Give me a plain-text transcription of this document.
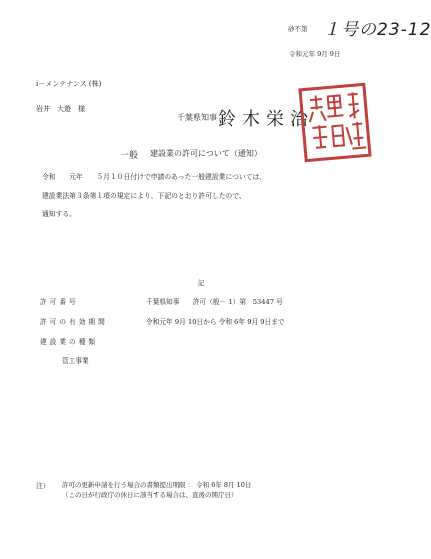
砂不第 １号の23-12
令和元年 9月 9日
i－メンテナンス (株)
岩井　大遊　様
千葉県知事 鈴木栄治
一般 建設業の許可について（通知）
令和　　元年　　５月１０日付けで申請のあった一般建設業については、
建設業法第３条第１項の規定により、下記のとおり許可したので、
通知する。
記
許可番号	千葉県知事　　許可（般－ 1）第　53447 号
許可の有効期間	令和元年 9月 10日から 令和 6年 9月 9日まで
建設業の種類
管工事業
注） 許可の更新申請を行う場合の書類提出期限 ： 令和 6年 8月 10日
（この日が行政庁の休日に該当する場合は、直後の開庁日）
